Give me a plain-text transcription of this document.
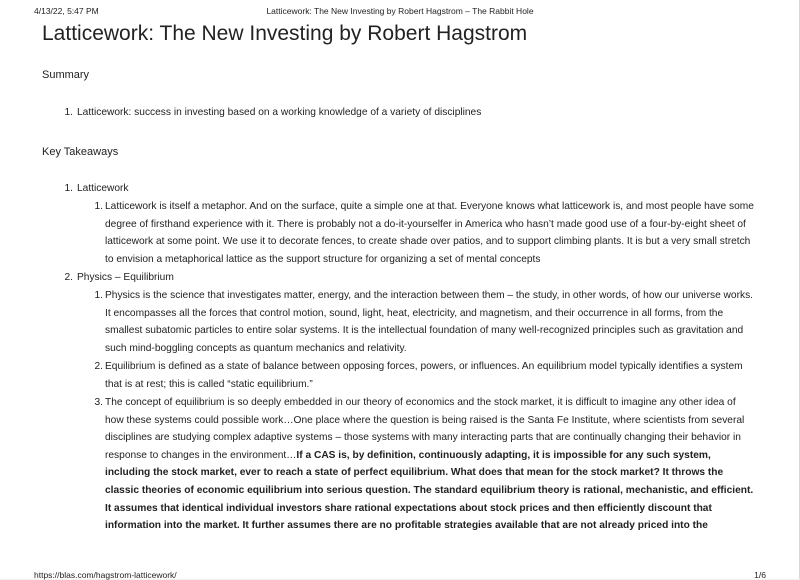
4/13/22, 5:47 PM	Latticework: The New Investing by Robert Hagstrom – The Rabbit Hole
Latticework: The New Investing by Robert Hagstrom
Summary
1. Latticework: success in investing based on a working knowledge of a variety of disciplines
Key Takeaways
1. Latticework
1. Latticework is itself a metaphor. And on the surface, quite a simple one at that. Everyone knows what latticework is, and most people have some degree of firsthand experience with it. There is probably not a do-it-yourselfer in America who hasn’t made good use of a four-by-eight sheet of latticework at some point. We use it to decorate fences, to create shade over patios, and to support climbing plants. It is but a very small stretch to envision a metaphorical lattice as the support structure for organizing a set of mental concepts
2. Physics – Equilibrium
1. Physics is the science that investigates matter, energy, and the interaction between them – the study, in other words, of how our universe works. It encompasses all the forces that control motion, sound, light, heat, electricity, and magnetism, and their occurrence in all forms, from the smallest subatomic particles to entire solar systems. It is the intellectual foundation of many well-recognized principles such as gravitation and such mind-boggling concepts as quantum mechanics and relativity.
2. Equilibrium is defined as a state of balance between opposing forces, powers, or influences. An equilibrium model typically identifies a system that is at rest; this is called “static equilibrium.”
3. The concept of equilibrium is so deeply embedded in our theory of economics and the stock market, it is difficult to imagine any other idea of how these systems could possible work…One place where the question is being raised is the Santa Fe Institute, where scientists from several disciplines are studying complex adaptive systems – those systems with many interacting parts that are continually changing their behavior in response to changes in the environment…If a CAS is, by definition, continuously adapting, it is impossible for any such system, including the stock market, ever to reach a state of perfect equilibrium. What does that mean for the stock market? It throws the classic theories of economic equilibrium into serious question. The standard equilibrium theory is rational, mechanistic, and efficient. It assumes that identical individual investors share rational expectations about stock prices and then efficiently discount that information into the market. It further assumes there are no profitable strategies available that are not already priced into the
https://blas.com/hagstrom-latticework/	1/6
